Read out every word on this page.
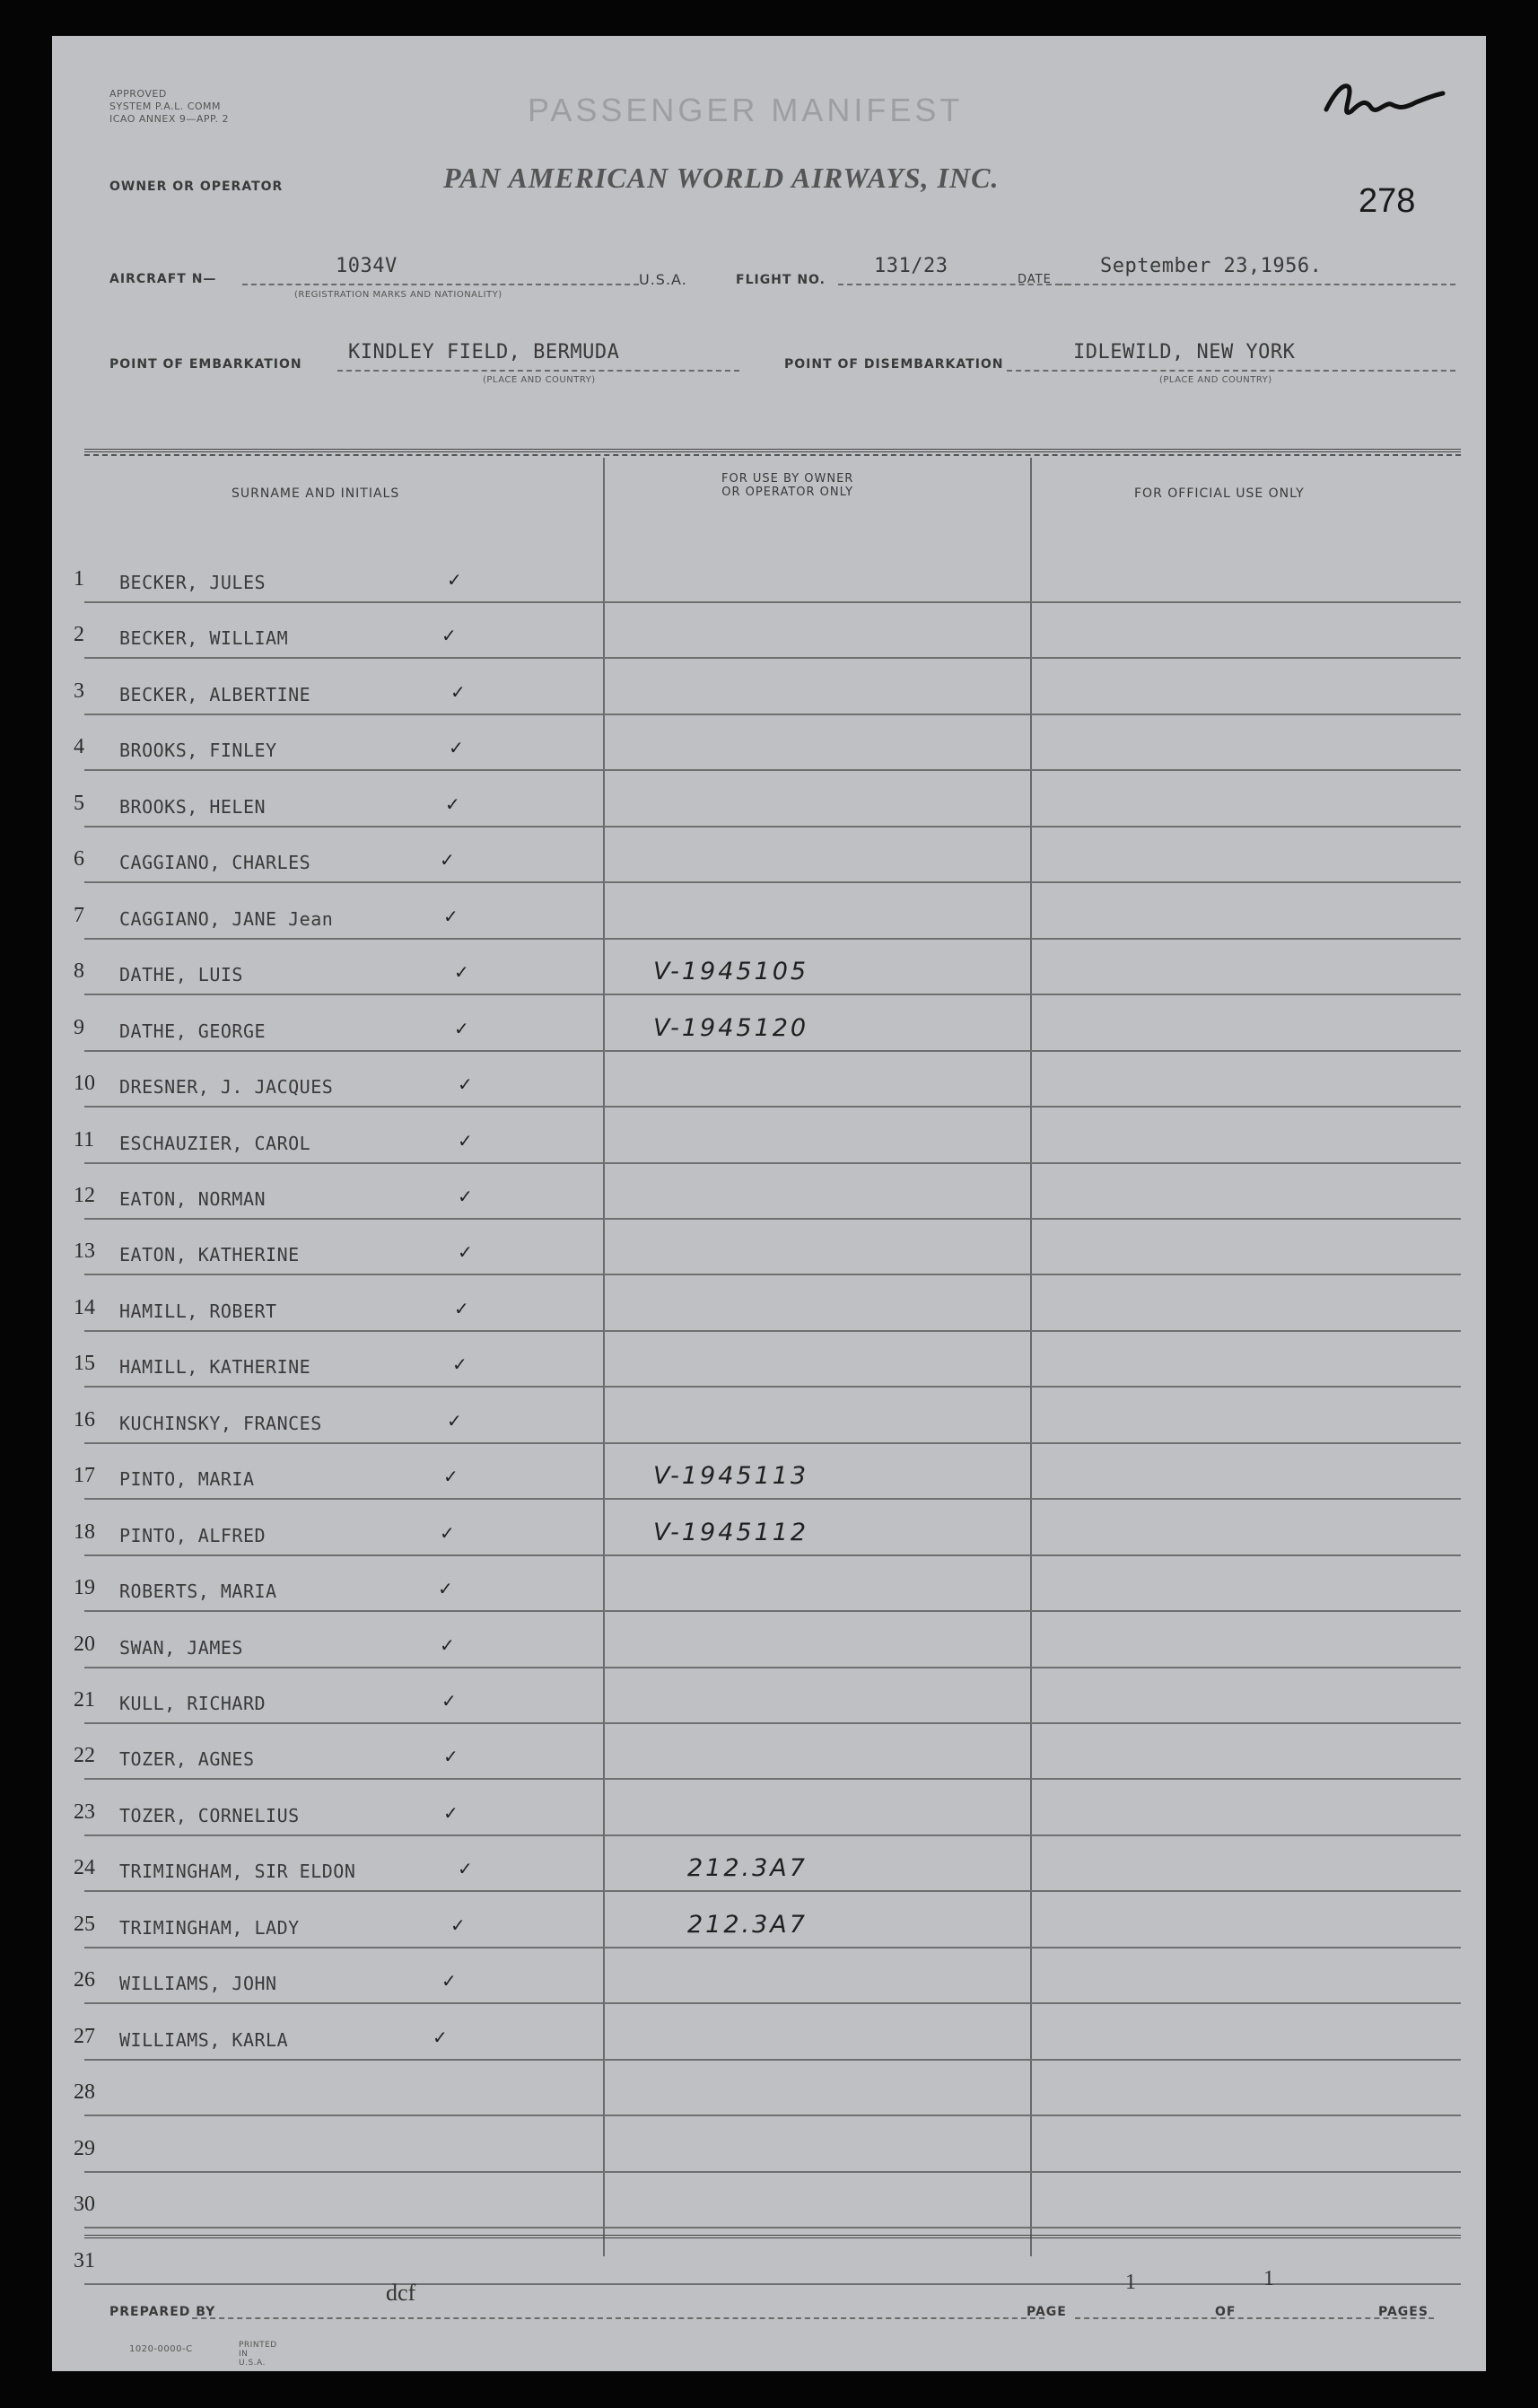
APPROVED
SYSTEM P.A.L. COMM
ICAO ANNEX 9—APP. 2	PASSENGER MANIFEST
OWNER OR OPERATOR	PAN AMERICAN WORLD AIRWAYS, INC.
278
AIRCRAFT N—
1034V
(REGISTRATION MARKS AND NATIONALITY)
U.S.A.	FLIGHT NO.
131/23
DATE
September 23,1956.
POINT OF EMBARKATION
KINDLEY FIELD, BERMUDA
(PLACE AND COUNTRY)
POINT OF DISEMBARKATION
IDLEWILD, NEW YORK
(PLACE AND COUNTRY)
SURNAME AND INITIALS
FOR USE BY OWNER
OR OPERATOR ONLY	FOR OFFICIAL USE ONLY
1	BECKER, JULES	✓
2	BECKER, WILLIAM	✓
3	BECKER, ALBERTINE	✓
4	BROOKS, FINLEY	✓
5	BROOKS, HELEN	✓
6	CAGGIANO, CHARLES	✓
7	CAGGIANO, JANE Jean	✓
8	DATHE, LUIS	✓	V-1945105
9	DATHE, GEORGE	✓	V-1945120
10	DRESNER, J. JACQUES	✓
11	ESCHAUZIER, CAROL	✓
12	EATON, NORMAN	✓
13	EATON, KATHERINE	✓
14	HAMILL, ROBERT	✓
15	HAMILL, KATHERINE	✓
16	KUCHINSKY, FRANCES	✓
17	PINTO, MARIA	✓	V-1945113
18	PINTO, ALFRED	✓	V-1945112
19	ROBERTS, MARIA	✓
20	SWAN, JAMES	✓
21	KULL, RICHARD	✓
22	TOZER, AGNES	✓
23	TOZER, CORNELIUS	✓
24	TRIMINGHAM, SIR ELDON	✓	212.3A7
25	TRIMINGHAM, LADY	✓	212.3A7
26	WILLIAMS, JOHN	✓
27	WILLIAMS, KARLA	✓
28
29
30
31
PREPARED BY
dcf
PAGE
1
OF
1
PAGES
1020-0000-C	PRINTED IN U.S.A.
